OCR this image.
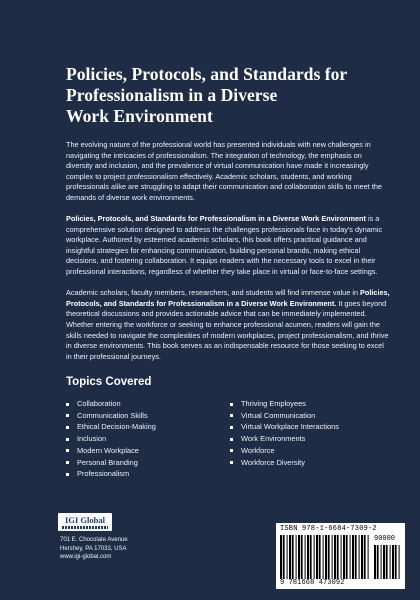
Policies, Protocols, and Standards for
Professionalism in a Diverse
Work Environment

The evolving nature of the professional world has presented individuals with new challenges in navigating the intricacies of professionalism. The integration of technology, the emphasis on diversity and inclusion, and the prevalence of virtual communication have made it increasingly complex to project professionalism effectively. Academic scholars, students, and working professionals alike are struggling to adapt their communication and collaboration skills to meet the demands of diverse work environments.

Policies, Protocols, and Standards for Professionalism in a Diverse Work Environment is a comprehensive solution designed to address the challenges professionals face in today's dynamic workplace. Authored by esteemed academic scholars, this book offers practical guidance and insightful strategies for enhancing communication, building personal brands, making ethical decisions, and fostering collaboration. It equips readers with the necessary tools to excel in their professional interactions, regardless of whether they take place in virtual or face-to-face settings.

Academic scholars, faculty members, researchers, and students will find immense value in Policies, Protocols, and Standards for Professionalism in a Diverse Work Environment. It goes beyond theoretical discussions and provides actionable advice that can be immediately implemented. Whether entering the workforce or seeking to enhance professional acumen, readers will gain the skills needed to navigate the complexities of modern workplaces, project professionalism, and thrive in diverse environments. This book serves as an indispensable resource for those seeking to excel in their professional journeys.

Topics Covered
Collaboration
Communication Skills
Ethical Decision-Making
Inclusion
Modern Workplace
Personal Branding
Professionalism
Thriving Employees
Virtual Communication
Virtual Workplace Interactions
Work Environments
Workforce
Workforce Diversity
IGI Global
701 E. Chocolate Avenue
Hershey, PA 17033, USA
www.igi-global.com
ISBN 978-1-6684-7309-2
90000
9 781668 473092
